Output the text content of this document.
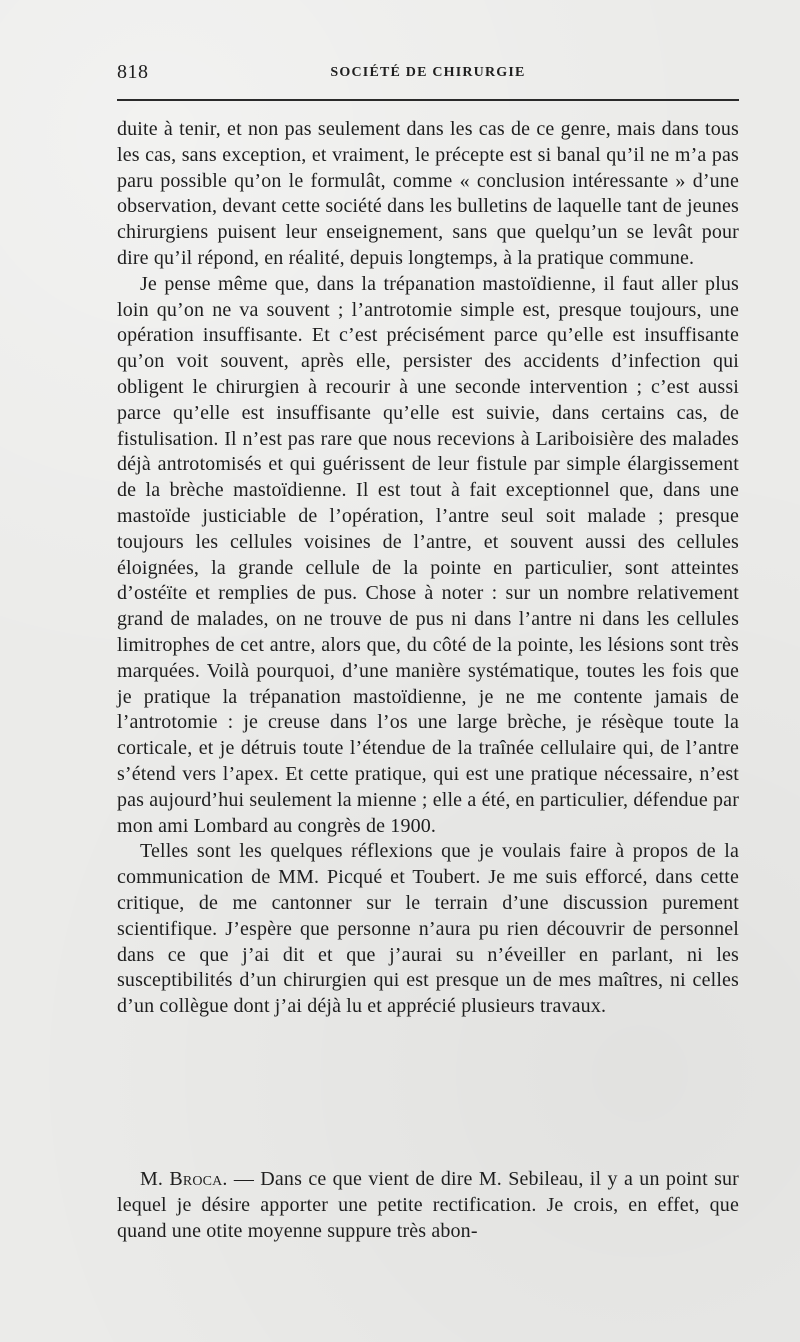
818	SOCIÉTÉ DE CHIRURGIE

duite à tenir, et non pas seulement dans les cas de ce genre, mais dans tous les cas, sans exception, et vraiment, le précepte est si banal qu’il ne m’a pas paru possible qu’on le formulât, comme « conclusion intéressante » d’une observation, devant cette société dans les bulletins de laquelle tant de jeunes chirurgiens puisent leur enseignement, sans que quelqu’un se levât pour dire qu’il répond, en réalité, depuis longtemps, à la pratique commune.

Je pense même que, dans la trépanation mastoïdienne, il faut aller plus loin qu’on ne va souvent ; l’antrotomie simple est, presque toujours, une opération insuffisante. Et c’est précisément parce qu’elle est insuffisante qu’on voit souvent, après elle, persister des accidents d’infection qui obligent le chirurgien à recourir à une seconde intervention ; c’est aussi parce qu’elle est insuffisante qu’elle est suivie, dans certains cas, de fistulisation. Il n’est pas rare que nous recevions à Lariboisière des malades déjà antrotomisés et qui guérissent de leur fistule par simple élargissement de la brèche mastoïdienne. Il est tout à fait exceptionnel que, dans une mastoïde justiciable de l’opération, l’antre seul soit malade ; presque toujours les cellules voisines de l’antre, et souvent aussi des cellules éloignées, la grande cellule de la pointe en particulier, sont atteintes d’ostéïte et remplies de pus. Chose à noter : sur un nombre relativement grand de malades, on ne trouve de pus ni dans l’antre ni dans les cellules limitrophes de cet antre, alors que, du côté de la pointe, les lésions sont très marquées. Voilà pourquoi, d’une manière systématique, toutes les fois que je pratique la trépanation mastoïdienne, je ne me contente jamais de l’antrotomie : je creuse dans l’os une large brèche, je résèque toute la corticale, et je détruis toute l’étendue de la traînée cellulaire qui, de l’antre s’étend vers l’apex. Et cette pratique, qui est une pratique nécessaire, n’est pas aujourd’hui seulement la mienne ; elle a été, en particulier, défendue par mon ami Lombard au congrès de 1900.

Telles sont les quelques réflexions que je voulais faire à propos de la communication de MM. Picqué et Toubert. Je me suis efforcé, dans cette critique, de me cantonner sur le terrain d’une discussion purement scientifique. J’espère que personne n’aura pu rien découvrir de personnel dans ce que j’ai dit et que j’aurai su n’éveiller en parlant, ni les susceptibilités d’un chirurgien qui est presque un de mes maîtres, ni celles d’un collègue dont j’ai déjà lu et apprécié plusieurs travaux.

M. Broca. — Dans ce que vient de dire M. Sebileau, il y a un point sur lequel je désire apporter une petite rectification. Je crois, en effet, que quand une otite moyenne suppure très abon-
